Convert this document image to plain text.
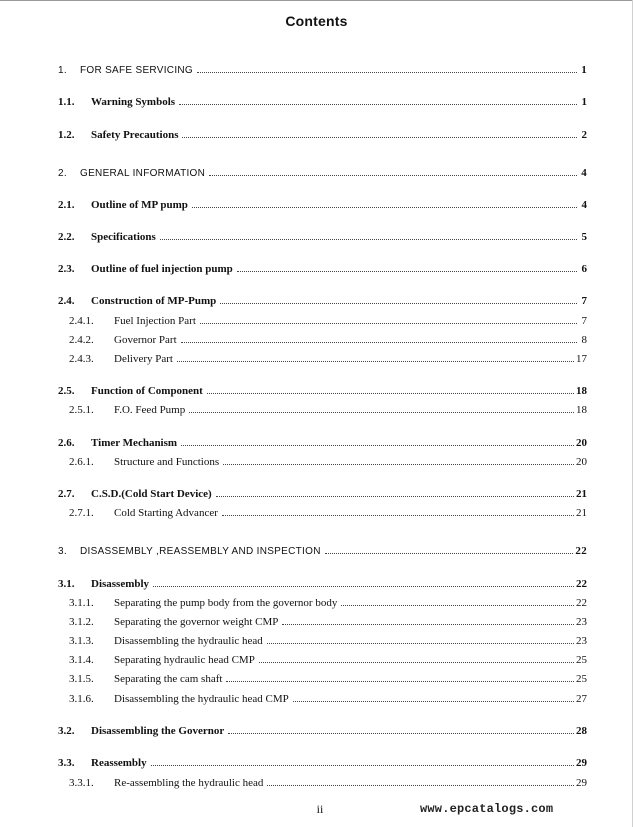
Contents
1.	FOR SAFE SERVICING	1
1.1.	Warning Symbols	1
1.2.	Safety Precautions	2
2.	GENERAL INFORMATION	4
2.1.	Outline of MP pump	4
2.2.	Specifications	5
2.3.	Outline of fuel injection pump	6
2.4.	Construction of MP-Pump	7
2.4.1.	Fuel Injection Part	7
2.4.2.	Governor Part	8
2.4.3.	Delivery Part	17
2.5.	Function of Component	18
2.5.1.	F.O. Feed Pump	18
2.6.	Timer Mechanism	20
2.6.1.	Structure and Functions	20
2.7.	C.S.D.(Cold Start Device)	21
2.7.1.	Cold Starting Advancer	21
3.	DISASSEMBLY ,REASSEMBLY AND INSPECTION	22
3.1.	Disassembly	22
3.1.1.	Separating the pump body from the governor body	22
3.1.2.	Separating the governor weight CMP	23
3.1.3.	Disassembling the hydraulic head	23
3.1.4.	Separating hydraulic head CMP	25
3.1.5.	Separating the cam shaft	25
3.1.6.	Disassembling the hydraulic head CMP	27
3.2.	Disassembling the Governor	28
3.3.	Reassembly	29
3.3.1.	Re-assembling the hydraulic head	29
ii	www.epcatalogs.com
